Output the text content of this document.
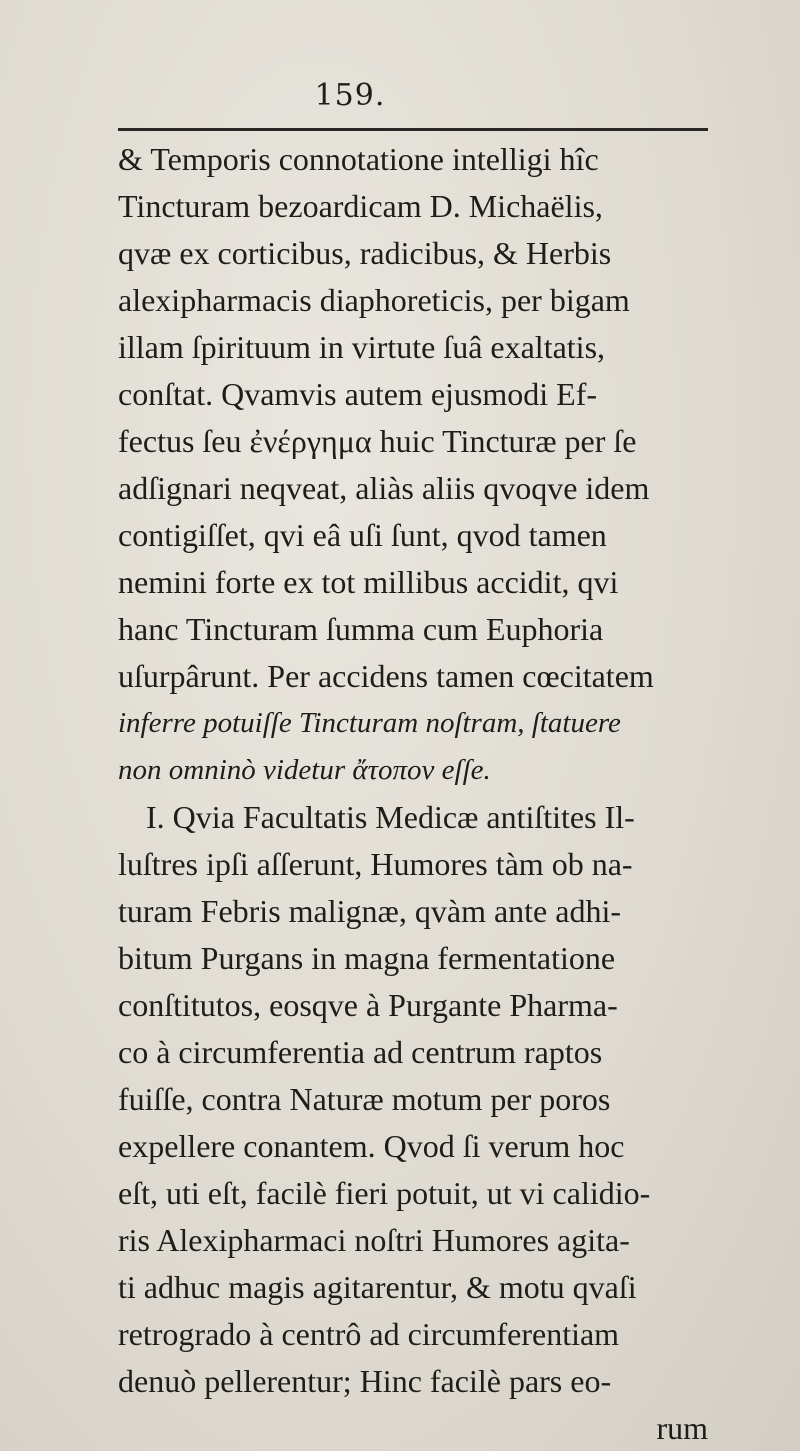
159.
& Temporis connotatione intelligi hîc
Tincturam bezoardicam D. Michaëlis,
qvæ ex corticibus, radicibus, & Herbis
alexipharmacis diaphoreticis, per bigam
illam ſpirituum in virtute ſuâ exaltatis,
conſtat. Qvamvis autem ejusmodi Ef-
fectus ſeu ἐνέργημα huic Tincturæ per ſe
adſignari neqveat, aliàs aliis qvoqve idem
contigiſſet, qvi eâ uſi ſunt, qvod tamen
nemini forte ex tot millibus accidit, qvi
hanc Tincturam ſumma cum Euphoria
uſurpârunt. Per accidens tamen cœcitatem
inferre potuiſſe Tincturam noſtram, ſtatuere
non omninò videtur ἄτοπον eſſe.
I. Qvia Facultatis Medicæ antiſtites Il-
luſtres ipſi aſſerunt, Humores tàm ob na-
turam Febris malignæ, qvàm ante adhi-
bitum Purgans in magna fermentatione
conſtitutos, eosqve à Purgante Pharma-
co à circumferentia ad centrum raptos
fuiſſe, contra Naturæ motum per poros
expellere conantem. Qvod ſi verum hoc
eſt, uti eſt, facilè fieri potuit, ut vi calidio-
ris Alexipharmaci noſtri Humores agita-
ti adhuc magis agitarentur, & motu qvaſi
retrogrado à centrô ad circumferentiam
denuò pellerentur; Hinc facilè pars eo-
rum
